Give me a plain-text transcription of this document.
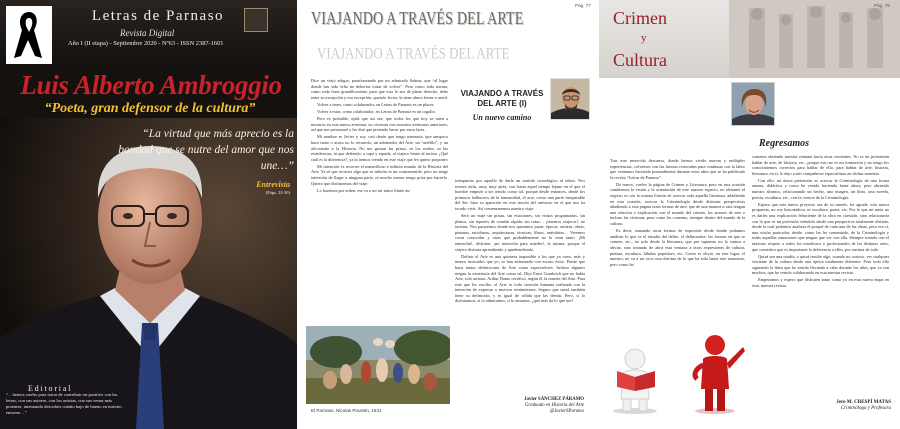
Letras de Parnaso
Revista Digital
Año I (II etapa) - Septiembre 2020 - Nº63 - ISSN 2387-1601
Luis Alberto Ambroggio
“Poeta, gran defensor de la cultura”
“La virtud que más aprecio es la bondad que se nutre del amor que nos une…”
Entrevista
(Págs. 22-30)
Editorial
“…hemos vuelto para tratar de contribuir en positivo con las letras, con sus autores, con los artistas, con sus venas más potentes, intentando descubrir cuánto bajo de bueno en nuestro entorno…”
VIAJANDO A TRAVÉS DEL ARTE
VIAJANDO A TRAVÉS DEL ARTE
Pág. 77

Dice un viejo adagio, parafraseando por mi admirado Sabina, que “al lugar donde has sido feliz no deberías tratar de volver”. Pero como toda norma, como toda frase grandilocuente, para que esta lo sea de pleno derecho, debe tener su excepción y esa excepción, querido lector, la tiene ahora frente a usted.

Volver a tener, como colaborador, en Letras de Parnaso es un placer.

Volver a estar, como colaborador, en Letras de Parnaso es un orgullo.

Pero es probable, ojalá que así sea, que todos los que hoy se unen a nosotros en esta nueva aventura, no vivieran con nosotros aventuras anteriores, así que me presentaré y les diré que pretendo hacer por estos lares.

Mi nombre es Javier y soy, casi desde que tengo memoria, que tampoco hace tanto o acaso no lo recuerdo, un admirador del Arte, un “artéfilo”, y un aficionado a la Historia. No me gustan las prisas, ni los ruidos, ni las estridencias, ni que defiendo, a capa y espada, al viajero frente al turista. ¿Qué cuál es la diferencia?, ya la iremos viendo en este viaje que les quiero proponer.

Mi intención es recorrer el maravilloso e infinito mundo de la Historia del Arte. Ya sé que recorrer algo que es infinito es un contrasentido, pero no tengo intención de llegar a ninguna parte, ni mucho menos tengo prisa por hacerlo. Quiero que disfrutemos del viaje.

Lo haremos por orden, ese va a ser mi único límite au-

VIAJANDO A TRAVÉS DEL ARTE (I)
Un nuevo camino

toimpuesto por aquello de darle un sentido cronológico al relato. Nos iremos atrás, muy, muy atrás, casi hasta aquel tiempo lejano en el que el hombre empezó a ser tenido como tal, porque desde entonces, desde los primeros balbuceos de la humanidad, el arte, como una parte inseparable del Ser, hizo su aparición en este rincón del universo en el que nos ha tocado vivir. Así comenzaremos nuestro viaje.

Será un viaje sin prisas, sin estaciones, sin visitas programadas, sin planos, sin tiquetes de comida rápida, sin rutas… ¡seremos viajeros!, no turistas. Nos pararemos donde nos queramos parar: épocas, artistas, obras, pinturas, esculturas, arquitecturas, técnicas, libros, anécdotas… Veremos cosas conocidas y otras que probablemente no lo sean tanto. ¡Mi intención!, disfrutar, ¡mi intención para ustedes!, la misma, porque el viajero disfruta aprendiendo y aprehendiendo.

Definir el Arte es una quimera imposible a los que ya otros, más y menos instruidos que yo, se han enfrentado con escaso éxito. Puede que haya tantas definiciones de Arte como espectadores. Incluso algunos niegan la existencia del Arte como tal. Dijo Ernst Gombrich que no había Arte, solo artistas. Arthur Danto certificó, según él, la muerte del Arte. Para este que les escribe, el Arte es toda creación humana realizada con la intención de expresar o motivar sentimientos. Seguro que usted también tiene su definición, y es igual de válida que las demás. Pero, si lo disfrutamos, si lo admiramos, si lo amamos, ¿qué más da lo que sea?

El Parnaso. Nicolas Poussin, 1631
Javier SÁNCHEZ PÁRAMO
Graduado en Historia del Arte
@JavierSParamo
Crimen
y
Cultura
Pág. 75
Regresamos

Tras este merecido descanso, donde hemos vivido nuevas y múltiples experiencias, volvemos con las fuerzas renovadas para continuar con la labor que veníamos haciendo puntualmente durante estos años que se ha publicado la revista “Letras de Parnaso”.

De nuevo, vuelve la página de Crimen y Literatura, pero en esta ocasión cambiamos la visión y la orientación de este nuestro espacio, no obstante el regreso es con la misma ilusión de acercar toda aquella literatura, añadiendo en esta ocasión, acercar la Criminología desde distintas perspectivas añadiendo a esta página otras formas de arte, que de una manera u otra tengan una relación o explicación con el mundo del crimen, los autores de este e incluso las víctimas; pero como les comento, siempre dentro del mundo de la cultura.

Es decir, sumando otras formas de expresión desde donde podamos analizar lo que es el estudio del delito, el delincuente, las formas en que se comete, etc., no solo desde la literatura, que por supuesto no lo vamos a obviar, sino tratando de abrir esta ventana a otras expresiones de cultura, pintura, escultura, fábulas populares, etc. Como es obvio, en este lugar, el nuestro, no va a ser otra cosa distinta de lo que ha sido hasta este momento, pero como les

comento abriendo nuestra ventana hacia otras vertientes. No es mi pretensión hablar de arte, de historia, etc., porque esto no es mi formación y no tengo los conocimientos correctos para hablar de ello, para hablar de arte, historia, literatura, en sí, lo dejo a mis compañeros especialistas en dichas materias.

Con ello, mi única pretensión es acercar la Criminología de una forma amena, didáctica y como he venido haciendo hasta ahora, pero abriendo nuestro abanico, relacionando un hecho, una imagen, un libro, una novela, poesía, escultura, etc., con la ciencia de la Criminología.

Espero que este nuevo proyecto sea de su interés, les agrade, esta nueva propuesta, no soy historiadora, ni escultora, poeta, etc. Por lo que mi meta no es darles una explicación fehaciente de la obra en cuestión, sino relacionarla con lo que es mi profesión viéndolo desde una perspectiva totalmente distinta, desde la cual podamos analizar el porqué de cada una de las obras, pero eso sí, una visión particular, desde, como les he comentado, de la Criminología y todas aquellas situaciones que tengan que ver con ella. Siempre tratado con el máximo respeto a todos los estudiosos y profesionales de las distintas artes, que considero que es importante la deferencia a ellos, por encima de todo.

Quizá sea una osadía, o quizá resulte algo, cuando no curioso, ver cualquier vertiente de la cultura desde una óptica totalmente diferente. Pero todo ello siguiendo la línea que he venido llevando a cabo durante los años, que ya son muchos, que he venido colaborando en esta nuestra revista.

Empezamos y espero que disfruten tanto como yo en esta nueva etapa en esta, nuestra revista.

Jero M. CRESPÍ MATAS
Criminóloga y Profesora
